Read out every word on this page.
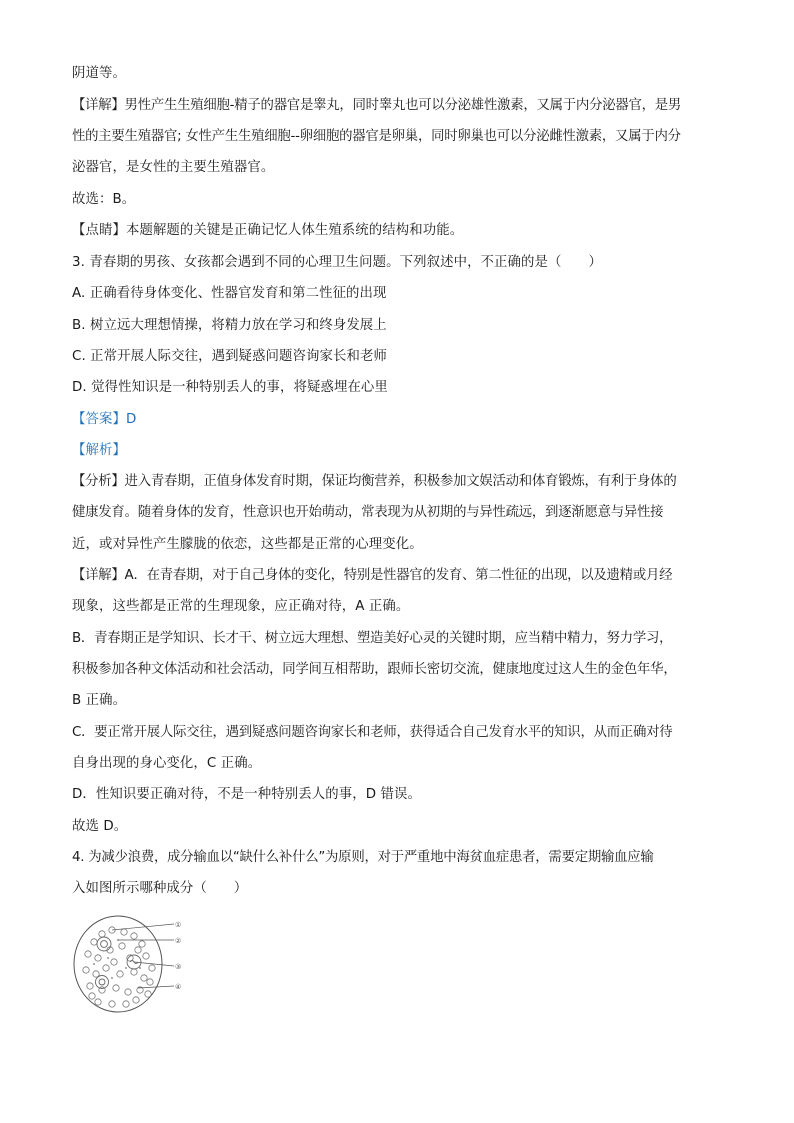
阴道等。
【详解】男性产生生殖细胞-精子的器官是睾丸，同时睾丸也可以分泌雄性激素，又属于内分泌器官，是男
性的主要生殖器官; 女性产生生殖细胞--卵细胞的器官是卵巢，同时卵巢也可以分泌雌性激素，又属于内分
泌器官，是女性的主要生殖器官。
故选：B。
【点睛】本题解题的关键是正确记忆人体生殖系统的结构和功能。
3. 青春期的男孩、女孩都会遇到不同的心理卫生问题。下列叙述中，不正确的是（　　）
A. 正确看待身体变化、性器官发育和第二性征的出现
B. 树立远大理想情操，将精力放在学习和终身发展上
C. 正常开展人际交往，遇到疑惑问题咨询家长和老师
D. 觉得性知识是一种特别丢人的事，将疑惑埋在心里
【答案】D
【解析】
【分析】进入青春期，正值身体发育时期，保证均衡营养，积极参加文娱活动和体育锻炼，有利于身体的
健康发育。随着身体的发育，性意识也开始萌动，常表现为从初期的与异性疏远，到逐渐愿意与异性接
近，或对异性产生朦胧的依恋，这些都是正常的心理变化。
【详解】A．在青春期，对于自己身体的变化，特别是性器官的发育、第二性征的出现，以及遗精或月经
现象，这些都是正常的生理现象，应正确对待，A 正确。
B．青春期正是学知识、长才干、树立远大理想、塑造美好心灵的关键时期，应当精中精力，努力学习，
积极参加各种文体活动和社会活动，同学间互相帮助，跟师长密切交流，健康地度过这人生的金色年华，
B 正确。
C．要正常开展人际交往，遇到疑惑问题咨询家长和老师，获得适合自己发育水平的知识，从而正确对待
自身出现的身心变化，C 正确。
D．性知识要正确对待，不是一种特别丢人的事，D 错误。
故选 D。
4. 为减少浪费，成分输血以“缺什么补什么”为原则，对于严重地中海贫血症患者，需要定期输血应输
入如图所示哪种成分（　　）
①
②
③
④
